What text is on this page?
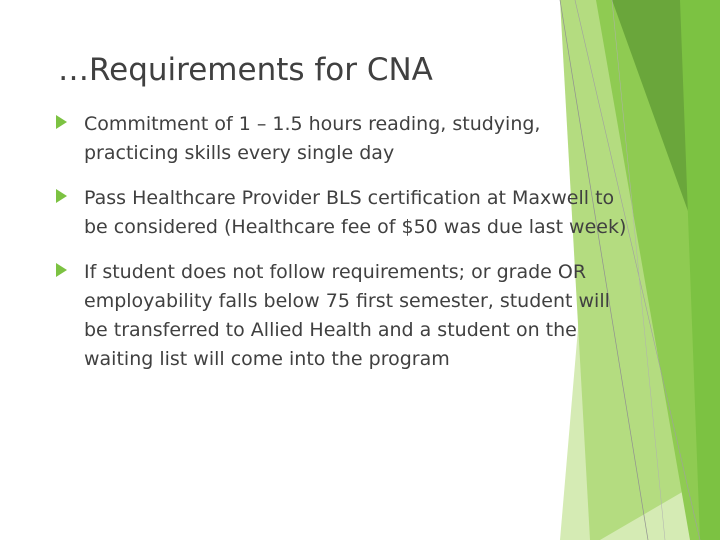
…Requirements for CNA
Commitment of 1 – 1.5 hours reading, studying, practicing skills every single day
Pass Healthcare Provider BLS certification at Maxwell to be considered (Healthcare fee of $50 was due last week)
If student does not follow requirements; or grade OR employability falls below 75 first semester, student will be transferred to Allied Health and a student on the waiting list will come into the program
